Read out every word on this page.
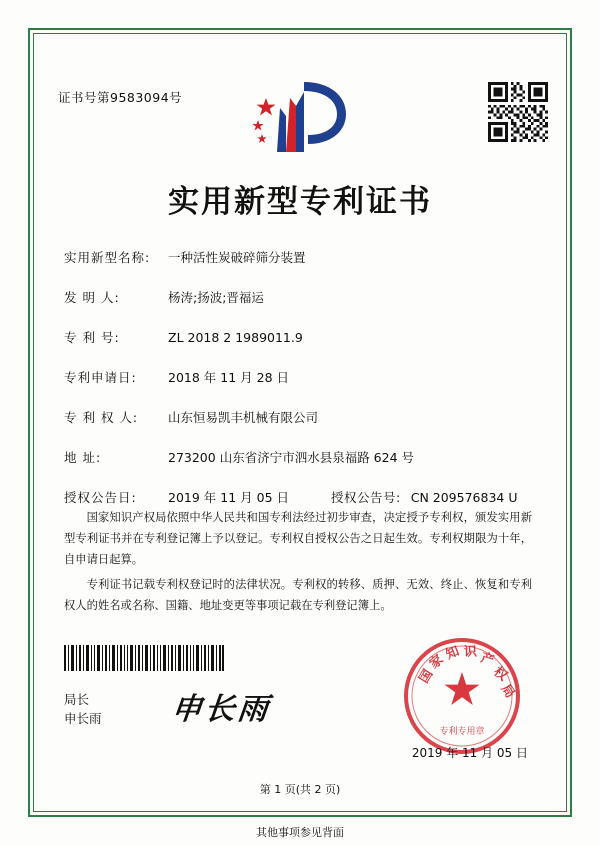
证书号第9583094号
实用新型专利证书
实用新型名称:	一种活性炭破碎筛分装置
发 明 人:	杨涛;扬波;晋福运
专 利 号:	ZL 2018 2 1989011.9
专利申请日:	2018 年 11 月 28 日
专 利 权 人:	山东恒易凯丰机械有限公司
地 址:	273200 山东省济宁市泗水县泉福路 624 号
授权公告日:	2019 年 11 月 05 日	授权公告号: CN 209576834 U

国家知识产权局依照中华人民共和国专利法经过初步审查，决定授予专利权，颁发实用新型专利证书并在专利登记簿上予以登记。专利权自授权公告之日起生效。专利权期限为十年，自申请日起算。

专利证书记载专利权登记时的法律状况。专利权的转移、质押、无效、终止、恢复和专利权人的姓名或名称、国籍、地址变更等事项记载在专利登记簿上。

局长
申长雨 申长雨
国
家
知 识 产
权
局
专利专用章
2019 年 11 月 05 日
第 1 页(共 2 页)
其他事项参见背面
